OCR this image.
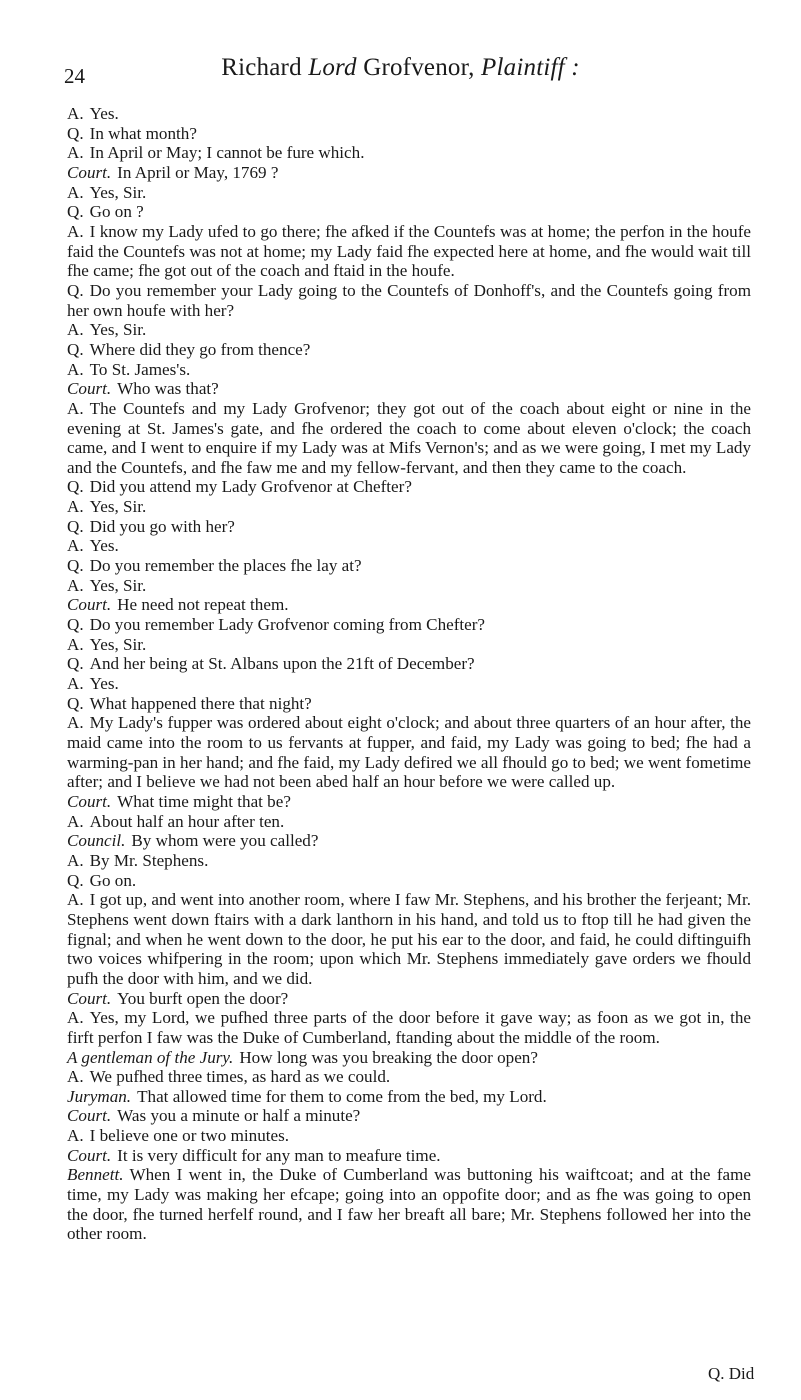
24	Richard Lord Grofvenor, Plaintiff :

A. Yes.

Q. In what month?

A. In April or May; I cannot be fure which.

Court. In April or May, 1769 ?

A. Yes, Sir.

Q. Go on ?

A. I know my Lady ufed to go there; fhe afked if the Countefs was at home; the perfon in the houfe faid the Countefs was not at home; my Lady faid fhe expected here at home, and fhe would wait till fhe came; fhe got out of the coach and ftaid in the houfe.

Q. Do you remember your Lady going to the Countefs of Donhoff's, and the Countefs going from her own houfe with her?

A. Yes, Sir.

Q. Where did they go from thence?

A. To St. James's.

Court. Who was that?

A. The Countefs and my Lady Grofvenor; they got out of the coach about eight or nine in the evening at St. James's gate, and fhe ordered the coach to come about eleven o'clock; the coach came, and I went to enquire if my Lady was at Mifs Vernon's; and as we were going, I met my Lady and the Countefs, and fhe faw me and my fellow-fervant, and then they came to the coach.

Q. Did you attend my Lady Grofvenor at Chefter?

A. Yes, Sir.

Q. Did you go with her?

A. Yes.

Q. Do you remember the places fhe lay at?

A. Yes, Sir.

Court. He need not repeat them.

Q. Do you remember Lady Grofvenor coming from Chefter?

A. Yes, Sir.

Q. And her being at St. Albans upon the 21ft of December?

A. Yes.

Q. What happened there that night?

A. My Lady's fupper was ordered about eight o'clock; and about three quarters of an hour after, the maid came into the room to us fervants at fupper, and faid, my Lady was going to bed; fhe had a warming-pan in her hand; and fhe faid, my Lady defired we all fhould go to bed; we went fometime after; and I believe we had not been abed half an hour before we were called up.

Court. What time might that be?

A. About half an hour after ten.

Council. By whom were you called?

A. By Mr. Stephens.

Q. Go on.

A. I got up, and went into another room, where I faw Mr. Stephens, and his brother the ferjeant; Mr. Stephens went down ftairs with a dark lanthorn in his hand, and told us to ftop till he had given the fignal; and when he went down to the door, he put his ear to the door, and faid, he could diftinguifh two voices whifpering in the room; upon which Mr. Stephens immediately gave orders we fhould pufh the door with him, and we did.

Court. You burft open the door?

A. Yes, my Lord, we pufhed three parts of the door before it gave way; as foon as we got in, the firft perfon I faw was the Duke of Cumberland, ftanding about the middle of the room.

A gentleman of the Jury. How long was you breaking the door open?

A. We pufhed three times, as hard as we could.

Juryman. That allowed time for them to come from the bed, my Lord.

Court. Was you a minute or half a minute?

A. I believe one or two minutes.

Court. It is very difficult for any man to meafure time.

Bennett. When I went in, the Duke of Cumberland was buttoning his waiftcoat; and at the fame time, my Lady was making her efcape; going into an oppofite door; and as fhe was going to open the door, fhe turned herfelf round, and I faw her breaft all bare; Mr. Stephens followed her into the other room.

Q. Did
